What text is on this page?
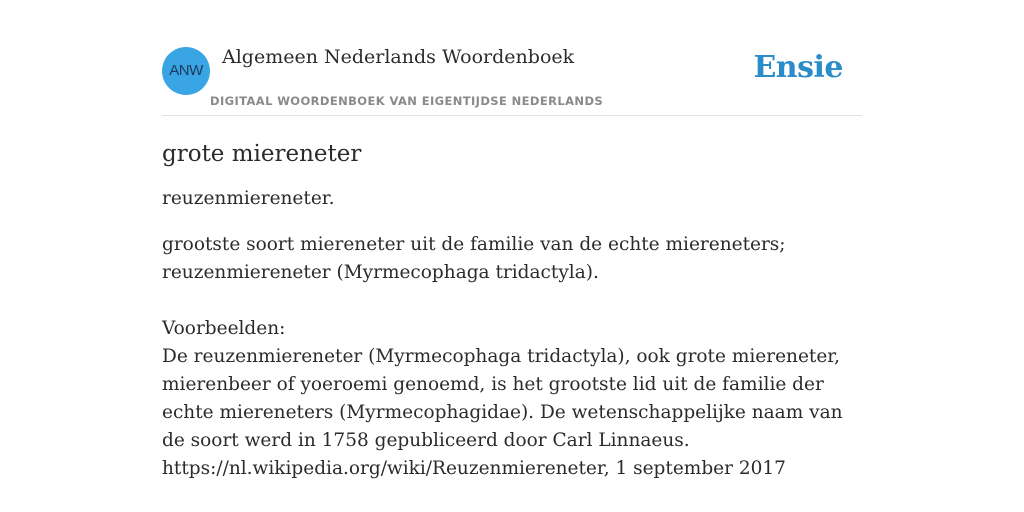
ANW
Algemeen Nederlands Woordenboek
DIGITAAL WOORDENBOEK VAN EIGENTIJDSE NEDERLANDS
Ensie
grote miereneter

reuzenmiereneter.

grootste soort miereneter uit de familie van de echte miereneters; reuzenmiereneter (Myrmecophaga tridactyla).

Voorbeelden:

De reuzenmiereneter (Myrmecophaga tridactyla), ook grote miereneter, mierenbeer of yoeroemi genoemd, is het grootste lid uit de familie der echte miereneters (Myrmecophagidae). De wetenschappelijke naam van de soort werd in 1758 gepubliceerd door Carl Linnaeus.

https://nl.wikipedia.org/wiki/Reuzenmiereneter, 1 september 2017
